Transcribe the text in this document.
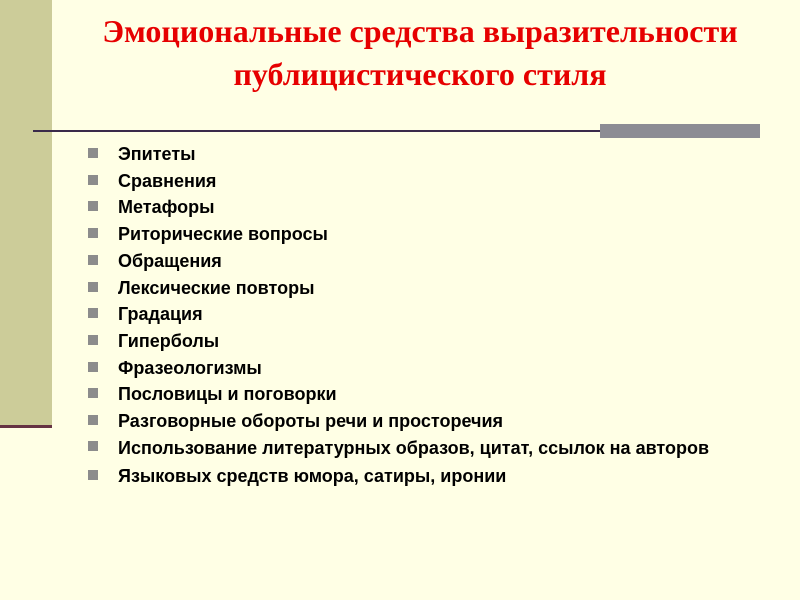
Эмоциональные средства выразительности публицистического стиля
Эпитеты
Сравнения
Метафоры
Риторические вопросы
Обращения
Лексические повторы
Градация
Гиперболы
Фразеологизмы
Пословицы и поговорки
Разговорные обороты речи и просторечия
Использование литературных образов, цитат, ссылок на авторов
Языковых средств юмора, сатиры, иронии
